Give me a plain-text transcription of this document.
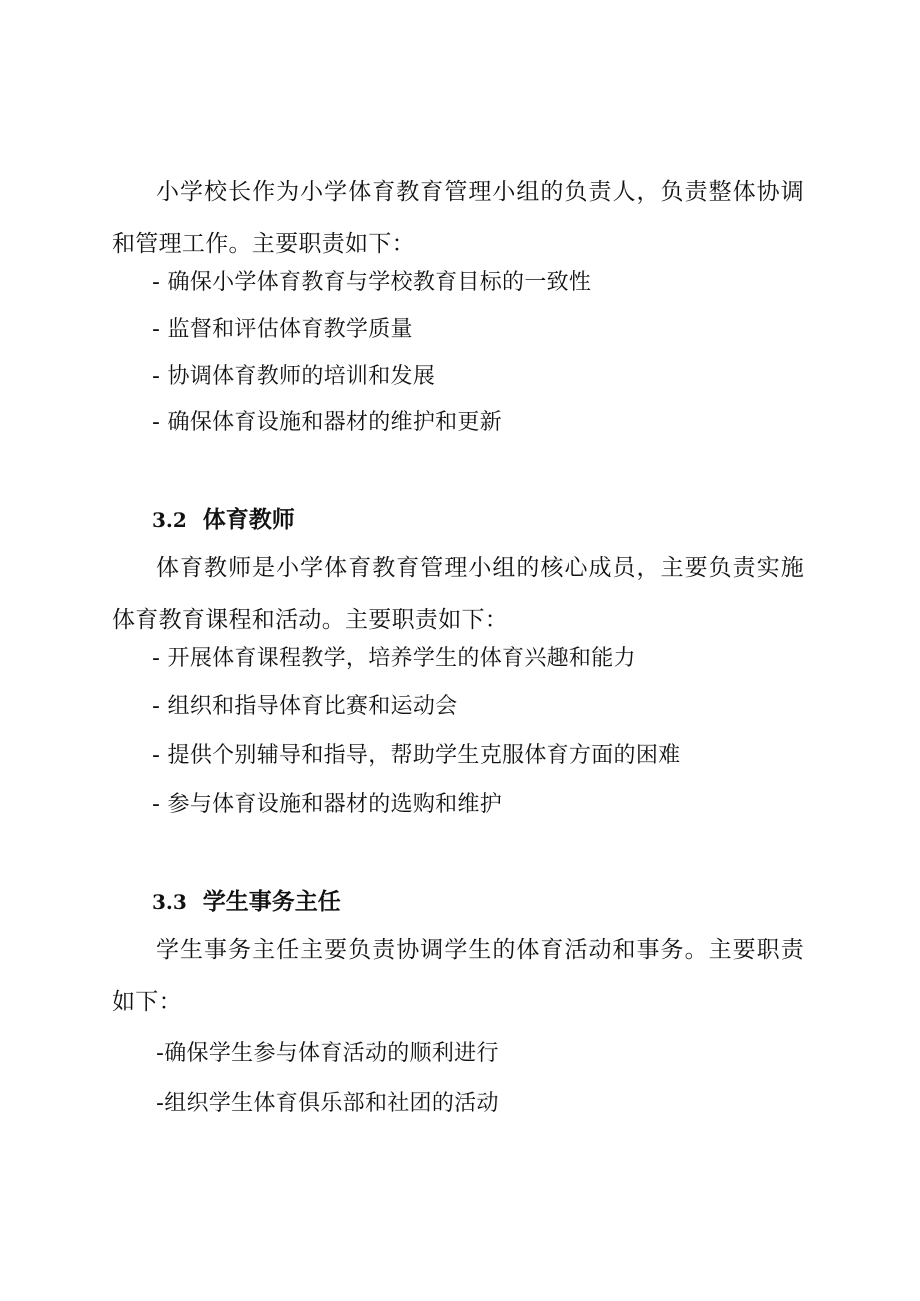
小学校长作为小学体育教育管理小组的负责人，负责整体协调和管理工作。主要职责如下：

- 确保小学体育教育与学校教育目标的一致性

- 监督和评估体育教学质量

- 协调体育教师的培训和发展

- 确保体育设施和器材的维护和更新

3.2 体育教师

体育教师是小学体育教育管理小组的核心成员，主要负责实施体育教育课程和活动。主要职责如下：

- 开展体育课程教学，培养学生的体育兴趣和能力

- 组织和指导体育比赛和运动会

- 提供个别辅导和指导，帮助学生克服体育方面的困难

- 参与体育设施和器材的选购和维护

3.3 学生事务主任

学生事务主任主要负责协调学生的体育活动和事务。主要职责如下：

-确保学生参与体育活动的顺利进行

-组织学生体育俱乐部和社团的活动
